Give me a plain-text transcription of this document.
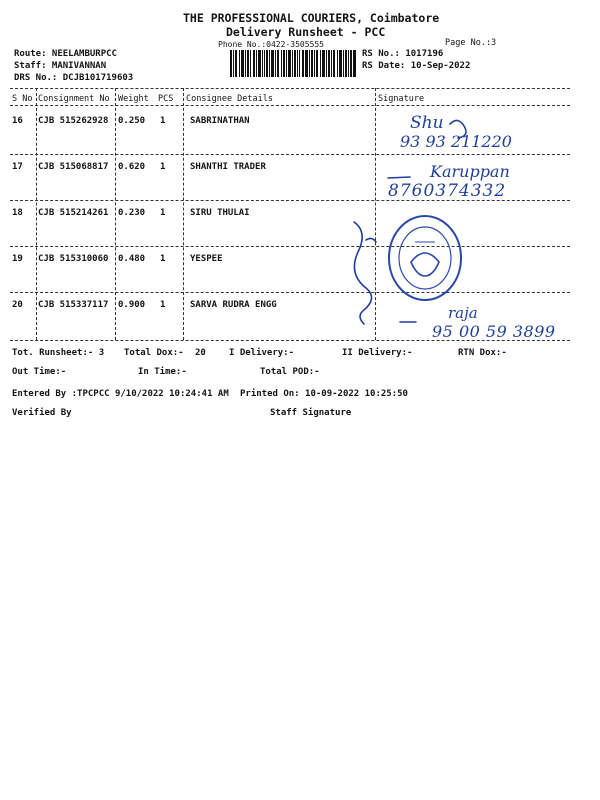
THE PROFESSIONAL COURIERS, Coimbatore
Delivery Runsheet - PCC
Phone No.:0422-3505555	Page No.:3
Route: NEELAMBURPCC
Staff: MANIVANNAN
DRS No.: DCJB101719603
RS No.: 1017196
RS Date: 10-Sep-2022
S No Consignment No Weight PCS Consignee Details	Signature
16 CJB 515262928 0.250 1	SABRINATHAN	Shu
93 93 211220
17 CJB 515068817 0.620 1	SHANTHI TRADER	Karuppan
8760374332
18 CJB 515214261 0.230 1	SIRU THULAI
19 CJB 515310060 0.480 1	YESPEE
20 CJB 515337117 0.900 1	SARVA RUDRA ENGG	raja
95 00 59 3899
Tot. Runsheet:- 3 Total Dox:- 20	I Delivery:-	II Delivery:-	RTN Dox:-
Out Time:-	In Time:-	Total POD:-
Entered By :TPCPCC 9/10/2022 10:24:41 AM Printed On: 10-09-2022 10:25:50
Verified By	Staff Signature
